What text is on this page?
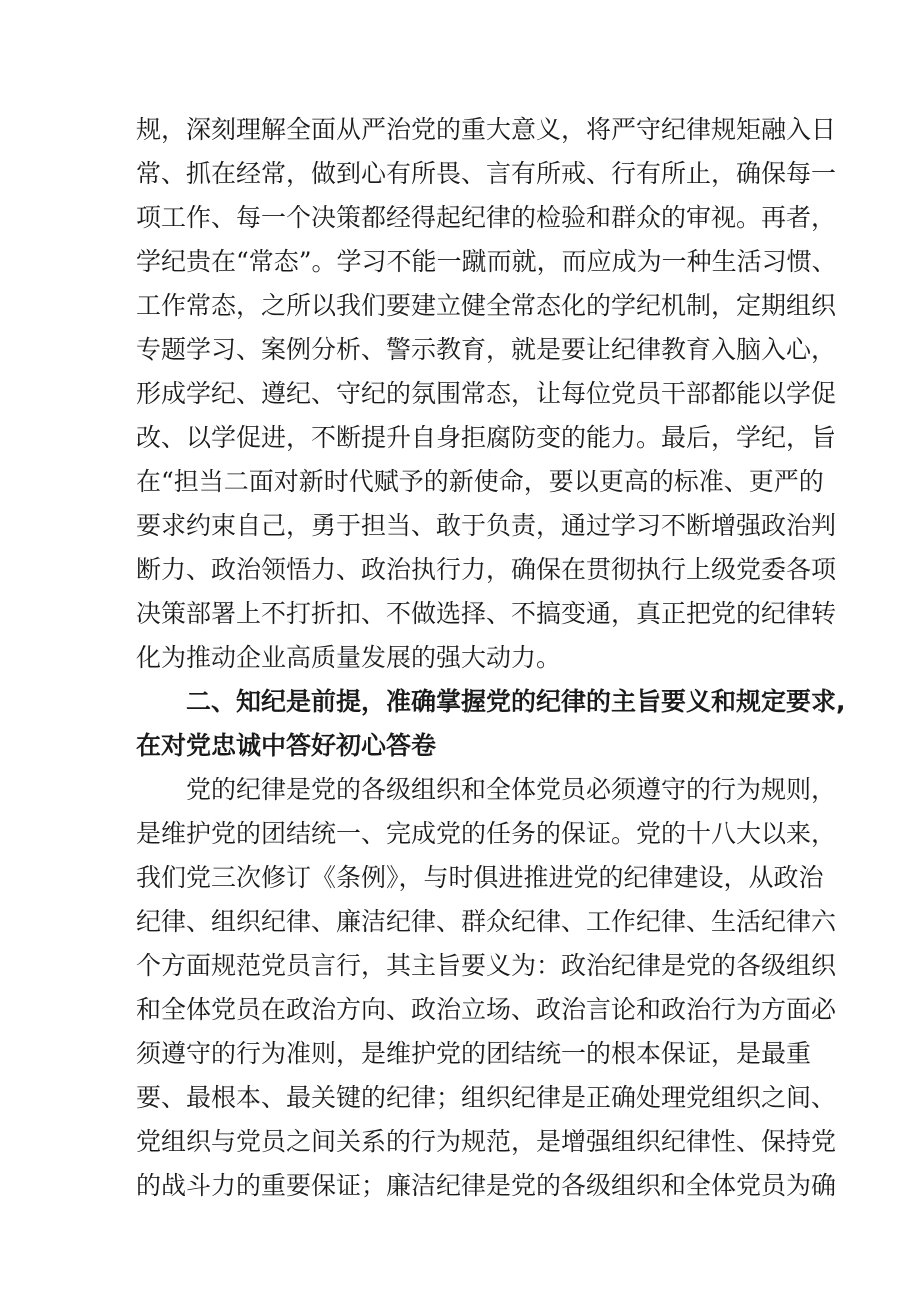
规，深刻理解全面从严治党的重大意义，将严守纪律规矩融入日
常、抓在经常，做到心有所畏、言有所戒、行有所止，确保每一
项工作、每一个决策都经得起纪律的检验和群众的审视。再者，
学纪贵在“常态”。学习不能一蹴而就，而应成为一种生活习惯、
工作常态，之所以我们要建立健全常态化的学纪机制，定期组织
专题学习、案例分析、警示教育，就是要让纪律教育入脑入心，
形成学纪、遵纪、守纪的氛围常态，让每位党员干部都能以学促
改、以学促进，不断提升自身拒腐防变的能力。最后，学纪，旨
在“担当二面对新时代赋予的新使命，要以更高的标准、更严的
要求约束自己，勇于担当、敢于负责，通过学习不断增强政治判
断力、政治领悟力、政治执行力，确保在贯彻执行上级党委各项
决策部署上不打折扣、不做选择、不搞变通，真正把党的纪律转
化为推动企业高质量发展的强大动力。
二、知纪是前提，准确掌握党的纪律的主旨要义和规定要求,
在对党忠诚中答好初心答卷
党的纪律是党的各级组织和全体党员必须遵守的行为规则，
是维护党的团结统一、完成党的任务的保证。党的十八大以来，
我们党三次修订《条例》，与时俱进推进党的纪律建设，从政治
纪律、组织纪律、廉洁纪律、群众纪律、工作纪律、生活纪律六
个方面规范党员言行，其主旨要义为：政治纪律是党的各级组织
和全体党员在政治方向、政治立场、政治言论和政治行为方面必
须遵守的行为准则，是维护党的团结统一的根本保证，是最重
要、最根本、最关键的纪律；组织纪律是正确处理党组织之间、
党组织与党员之间关系的行为规范，是增强组织纪律性、保持党
的战斗力的重要保证；廉洁纪律是党的各级组织和全体党员为确
